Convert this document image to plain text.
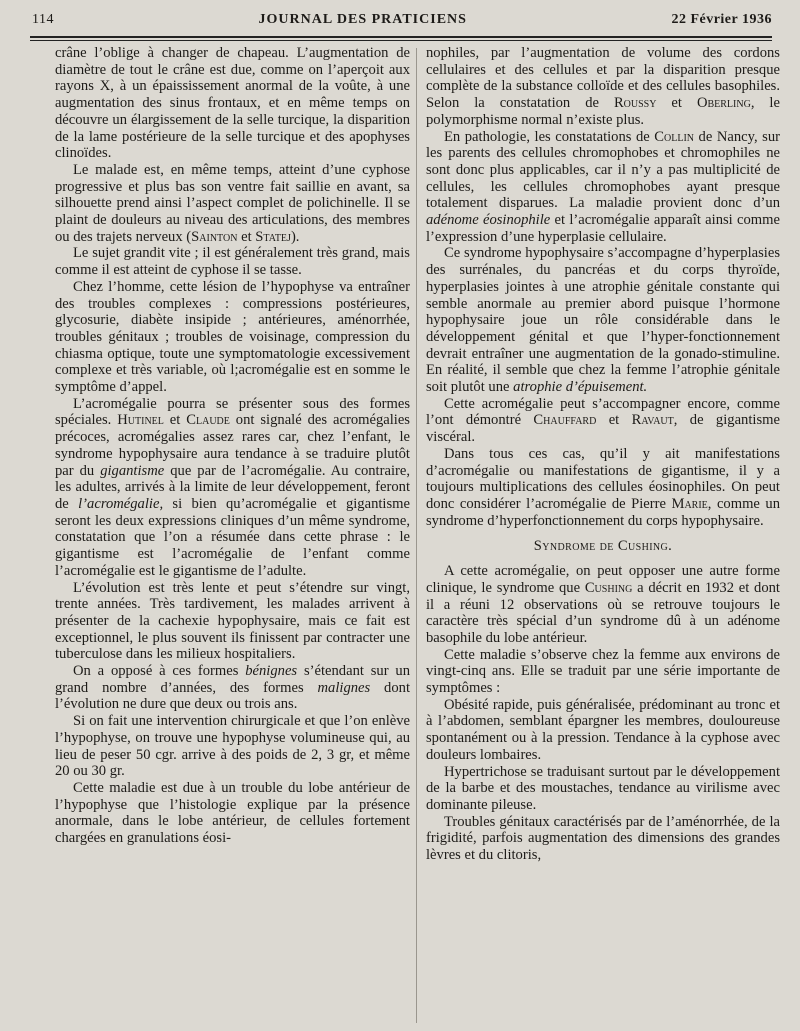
114	JOURNAL DES PRATICIENS	22 Février 1936

crâne l’oblige à changer de chapeau. L’augmentation de diamètre de tout le crâne est due, comme on l’aperçoit aux rayons X, à un épaississement anormal de la voûte, à une augmentation des sinus frontaux, et en même temps on découvre un élargissement de la selle turcique, la disparition de la lame postérieure de la selle turcique et des apophyses clinoïdes.

Le malade est, en même temps, atteint d’une cyphose progressive et plus bas son ventre fait saillie en avant, sa silhouette prend ainsi l’aspect complet de polichinelle. Il se plaint de douleurs au niveau des articulations, des membres ou des trajets nerveux (Sainton et Statej).

Le sujet grandit vite ; il est généralement très grand, mais comme il est atteint de cyphose il se tasse.

Chez l’homme, cette lésion de l’hypophyse va entraîner des troubles complexes : compressions postérieures, glycosurie, diabète insipide ; antérieures, aménorrhée, troubles génitaux ; troubles de voisinage, compression du chiasma optique, toute une symptomatologie excessivement complexe et très variable, où l;acromégalie est en somme le symptôme d’appel.

L’acromégalie pourra se présenter sous des formes spéciales. Hutinel et Claude ont signalé des acromégalies précoces, acromégalies assez rares car, chez l’enfant, le syndrome hypophysaire aura tendance à se traduire plutôt par du gigantisme que par de l’acromégalie. Au contraire, les adultes, arrivés à la limite de leur développement, feront de l’acromégalie, si bien qu’acromégalie et gigantisme seront les deux expressions cliniques d’un même syndrome, constatation que l’on a résumée dans cette phrase : le gigantisme est l’acromégalie de l’enfant comme l’acromégalie est le gigantisme de l’adulte.

L’évolution est très lente et peut s’étendre sur vingt, trente années. Très tardivement, les malades arrivent à présenter de la cachexie hypophysaire, mais ce fait est exceptionnel, le plus souvent ils finissent par contracter une tuberculose dans les milieux hospitaliers.

On a opposé à ces formes bénignes s’étendant sur un grand nombre d’années, des formes malignes dont l’évolution ne dure que deux ou trois ans.

Si on fait une intervention chirurgicale et que l’on enlève l’hypophyse, on trouve une hypophyse volumineuse qui, au lieu de peser 50 cgr. arrive à des poids de 2, 3 gr, et même 20 ou 30 gr.

Cette maladie est due à un trouble du lobe antérieur de l’hypophyse que l’histologie explique par la présence anormale, dans le lobe antérieur, de cellules fortement chargées en granulations éosi-

nophiles, par l’augmentation de volume des cordons cellulaires et des cellules et par la disparition presque complète de la substance colloïde et des cellules basophiles. Selon la constatation de Roussy et Oberling, le polymorphisme normal n’existe plus.

En pathologie, les constatations de Collin de Nancy, sur les parents des cellules chromophobes et chromophiles ne sont donc plus applicables, car il n’y a pas multiplicité de cellules, les cellules chromophobes ayant presque totalement disparues. La maladie provient donc d’un adénome éosinophile et l’acromégalie apparaît ainsi comme l’expression d’une hyperplasie cellulaire.

Ce syndrome hypophysaire s’accompagne d’hyperplasies des surrénales, du pancréas et du corps thyroïde, hyperplasies jointes à une atrophie génitale constante qui semble anormale au premier abord puisque l’hormone hypophysaire joue un rôle considérable dans le développement génital et que l’hyper-fonctionnement devrait entraîner une augmentation de la gonado-stimuline. En réalité, il semble que chez la femme l’atrophie génitale soit plutôt une atrophie d’épuisement.

Cette acromégalie peut s’accompagner encore, comme l’ont démontré Chauffard et Ravaut, de gigantisme viscéral.

Dans tous ces cas, qu’il y ait manifestations d’acromégalie ou manifestations de gigantisme, il y a toujours multiplications des cellules éosinophiles. On peut donc considérer l’acromégalie de Pierre Marie, comme un syndrome d’hyperfonctionnement du corps hypophysaire.

Syndrome de Cushing.

A cette acromégalie, on peut opposer une autre forme clinique, le syndrome que Cushing a décrit en 1932 et dont il a réuni 12 observations où se retrouve toujours le caractère très spécial d’un syndrome dû à un adénome basophile du lobe antérieur.

Cette maladie s’observe chez la femme aux environs de vingt-cinq ans. Elle se traduit par une série importante de symptômes :

Obésité rapide, puis généralisée, prédominant au tronc et à l’abdomen, semblant épargner les membres, douloureuse spontanément ou à la pression. Tendance à la cyphose avec douleurs lombaires.

Hypertrichose se traduisant surtout par le développement de la barbe et des moustaches, tendance au virilisme avec dominante pileuse.

Troubles génitaux caractérisés par de l’aménorrhée, de la frigidité, parfois augmentation des dimensions des grandes lèvres et du clitoris,
